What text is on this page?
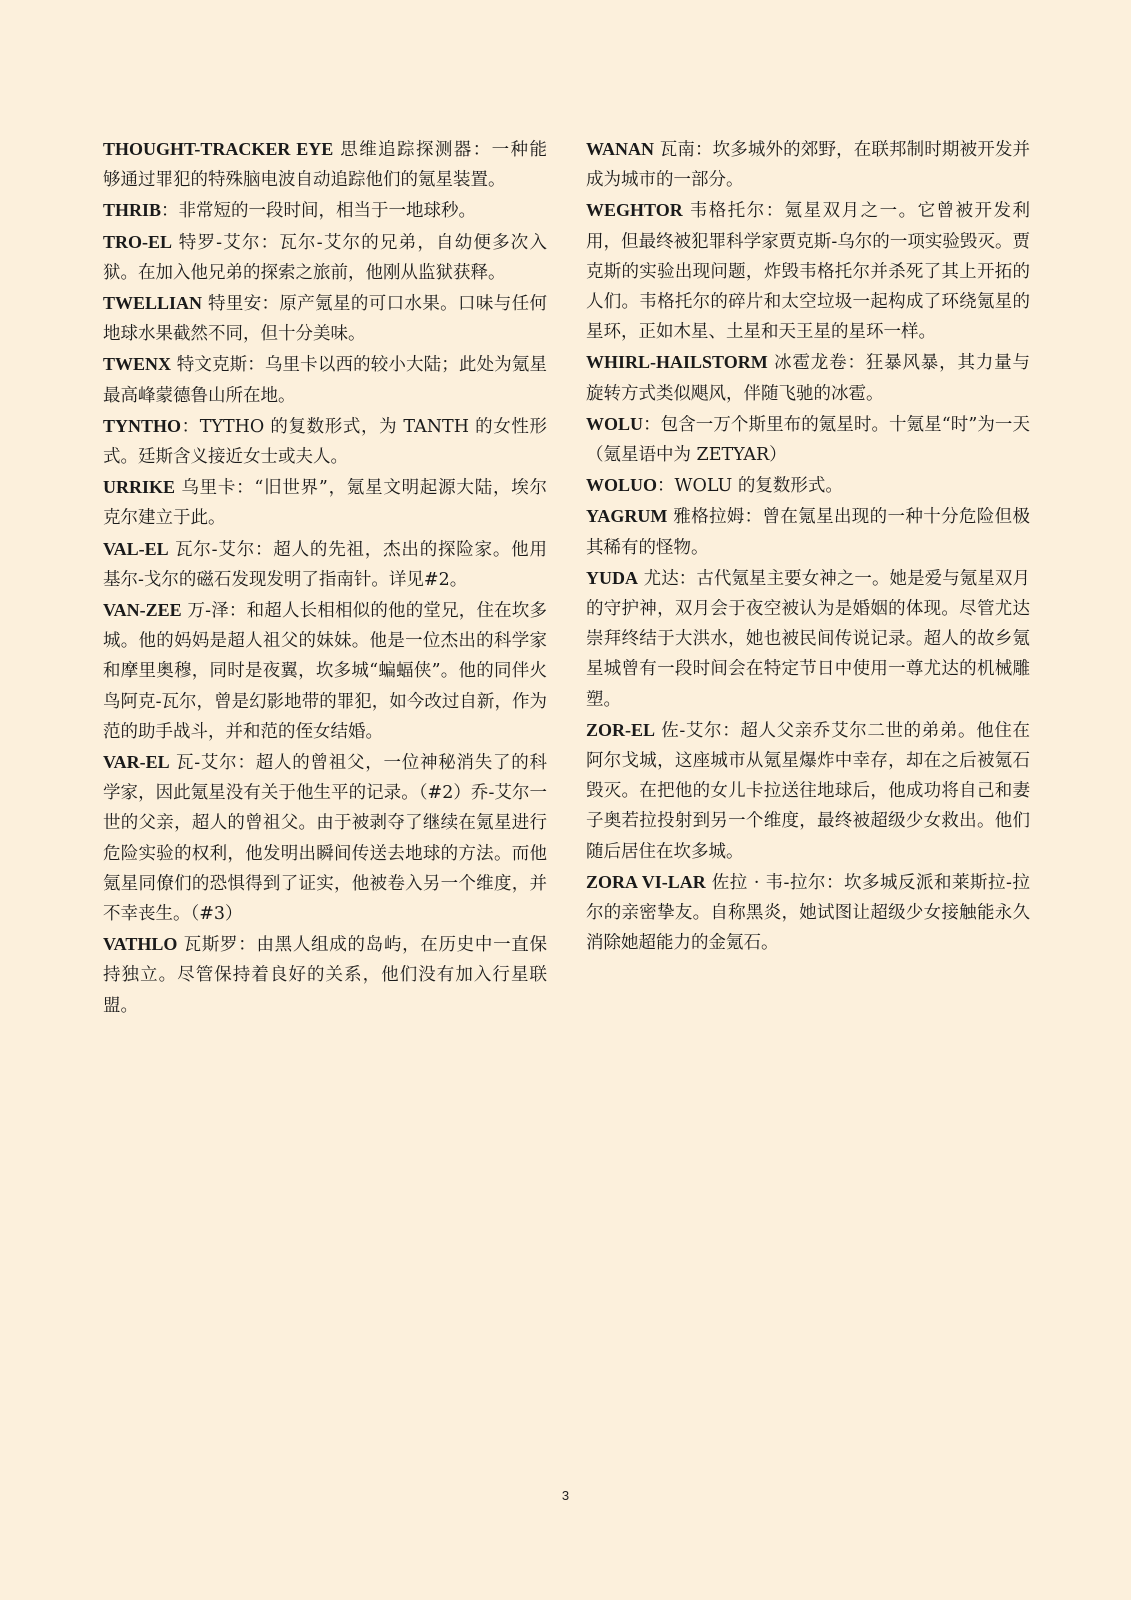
THOUGHT-TRACKER EYE 思维追踪探测器：一种能够通过罪犯的特殊脑电波自动追踪他们的氪星装置。

THRIB：非常短的一段时间，相当于一地球秒。

TRO-EL 特罗-艾尔：瓦尔-艾尔的兄弟，自幼便多次入狱。在加入他兄弟的探索之旅前，他刚从监狱获释。

TWELLIAN 特里安：原产氪星的可口水果。口味与任何地球水果截然不同，但十分美味。

TWENX 特文克斯：乌里卡以西的较小大陆；此处为氪星最高峰蒙德鲁山所在地。

TYNTHO：TYTHO 的复数形式，为 TANTH 的女性形式。廷斯含义接近女士或夫人。

URRIKE 乌里卡：“旧世界”，氪星文明起源大陆，埃尔克尔建立于此。

VAL-EL 瓦尔-艾尔：超人的先祖，杰出的探险家。他用基尔-戈尔的磁石发现发明了指南针。详见#2。

VAN-ZEE 万-泽：和超人长相相似的他的堂兄，住在坎多城。他的妈妈是超人祖父的妹妹。他是一位杰出的科学家和摩里奥穆，同时是夜翼，坎多城“蝙蝠侠”。他的同伴火鸟阿克-瓦尔，曾是幻影地带的罪犯，如今改过自新，作为范的助手战斗，并和范的侄女结婚。

VAR-EL 瓦-艾尔：超人的曾祖父，一位神秘消失了的科学家，因此氪星没有关于他生平的记录。（#2）乔-艾尔一世的父亲，超人的曾祖父。由于被剥夺了继续在氪星进行危险实验的权利，他发明出瞬间传送去地球的方法。而他氪星同僚们的恐惧得到了证实，他被卷入另一个维度，并不幸丧生。（#3）

VATHLO 瓦斯罗：由黑人组成的岛屿，在历史中一直保持独立。尽管保持着良好的关系，他们没有加入行星联盟。

WANAN 瓦南：坎多城外的郊野，在联邦制时期被开发并成为城市的一部分。

WEGHTOR 韦格托尔：氪星双月之一。它曾被开发利用，但最终被犯罪科学家贾克斯-乌尔的一项实验毁灭。贾克斯的实验出现问题，炸毁韦格托尔并杀死了其上开拓的人们。韦格托尔的碎片和太空垃圾一起构成了环绕氪星的星环，正如木星、土星和天王星的星环一样。

WHIRL-HAILSTORM 冰雹龙卷：狂暴风暴，其力量与旋转方式类似飓风，伴随飞驰的冰雹。

WOLU：包含一万个斯里布的氪星时。十氪星“时”为一天（氪星语中为 ZETYAR）

WOLUO：WOLU 的复数形式。

YAGRUM 雅格拉姆：曾在氪星出现的一种十分危险但极其稀有的怪物。

YUDA 尤达：古代氪星主要女神之一。她是爱与氪星双月的守护神，双月会于夜空被认为是婚姻的体现。尽管尤达崇拜终结于大洪水，她也被民间传说记录。超人的故乡氪星城曾有一段时间会在特定节日中使用一尊尤达的机械雕塑。

ZOR-EL 佐-艾尔：超人父亲乔艾尔二世的弟弟。他住在阿尔戈城，这座城市从氪星爆炸中幸存，却在之后被氪石毁灭。在把他的女儿卡拉送往地球后，他成功将自己和妻子奥若拉投射到另一个维度，最终被超级少女救出。他们随后居住在坎多城。

ZORA VI-LAR 佐拉 · 韦-拉尔：坎多城反派和莱斯拉-拉尔的亲密挚友。自称黑炎，她试图让超级少女接触能永久消除她超能力的金氪石。

3
